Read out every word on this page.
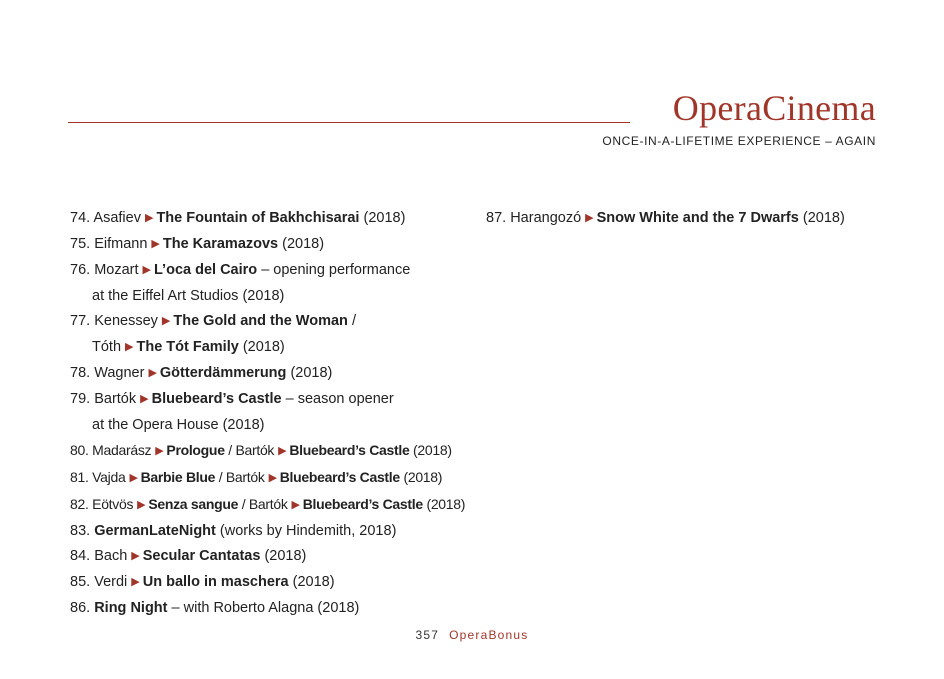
OperaCinema
ONCE-IN-A-LIFETIME EXPERIENCE – AGAIN
74. Asafiev ▶ The Fountain of Bakhchisarai (2018)
75. Eifmann ▶ The Karamazovs (2018)
76. Mozart ▶ L’oca del Cairo – opening performance
at the Eiffel Art Studios (2018)
77. Kenessey ▶ The Gold and the Woman /
Tóth ▶ The Tót Family (2018)
78. Wagner ▶ Götterdämmerung (2018)
79. Bartók ▶ Bluebeard’s Castle – season opener
at the Opera House (2018)
80. Madarász ▶ Prologue / Bartók ▶ Bluebeard’s Castle (2018)
81. Vajda ▶ Barbie Blue / Bartók ▶ Bluebeard’s Castle (2018)
82. Eötvös ▶ Senza sangue / Bartók ▶ Bluebeard’s Castle (2018)
83. GermanLateNight (works by Hindemith, 2018)
84. Bach ▶ Secular Cantatas (2018)
85. Verdi ▶ Un ballo in maschera (2018)
86. Ring Night – with Roberto Alagna (2018)
87. Harangozó ▶ Snow White and the 7 Dwarfs (2018)
357 OperaBonus
